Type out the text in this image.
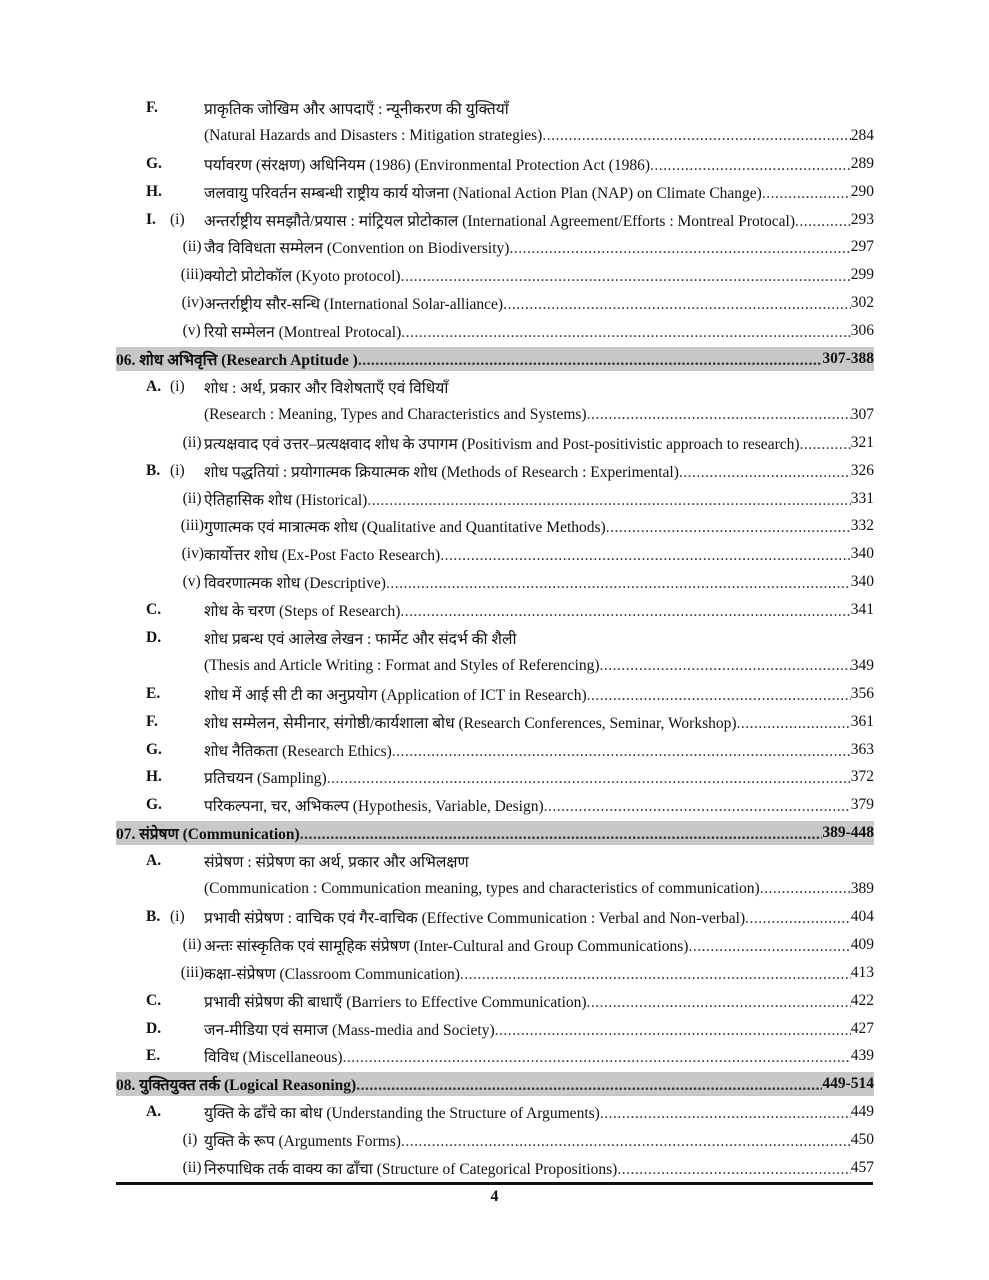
F.	प्राकृतिक जोखिम और आपदाएँ : न्यूनीकरण की युक्तियाँ
(Natural Hazards and Disasters : Mitigation strategies) .....	284
G.	पर्यावरण (संरक्षण) अधिनियम (1986) (Environmental Protection Act (1986) .....	289
H.	जलवायु परिवर्तन सम्बन्धी राष्ट्रीय कार्य योजना (National Action Plan (NAP) on Climate Change) .....	290
I. (i)	अन्तर्राष्ट्रीय समझौते/प्रयास : मांट्रियल प्रोटोकाल (International Agreement/Efforts : Montreal Protocal) .....	293
(ii) जैव विविधता सम्मेलन (Convention on Biodiversity) .....	297
(iii) क्योटो प्रोटोकॉल (Kyoto protocol) .....	299
(iv) अन्तर्राष्ट्रीय सौर-सन्धि (International Solar-alliance) .....	302
(v) रियो सम्मेलन (Montreal Protocal) .....	306
06. शोध अभिवृत्ति (Research Aptitude ) .....	307-388
A. (i)	शोध : अर्थ, प्रकार और विशेषताएँ एवं विधियाँ
(Research : Meaning, Types and Characteristics and Systems) .....	307
(ii) प्रत्यक्षवाद एवं उत्तर–प्रत्यक्षवाद शोध के उपागम (Positivism and Post-positivistic approach to research) .....	321
B. (i)	शोध पद्धतियां : प्रयोगात्मक क्रियात्मक शोध (Methods of Research : Experimental) .....	326
(ii) ऐतिहासिक शोध (Historical) .....	331
(iii) गुणात्मक एवं मात्रात्मक शोध (Qualitative and Quantitative Methods) .....	332
(iv) कार्योत्तर शोध (Ex-Post Facto Research) .....	340
(v) विवरणात्मक शोध (Descriptive) .....	340
C.	शोध के चरण (Steps of Research) .....	341
D.	शोध प्रबन्ध एवं आलेख लेखन : फार्मेट और संदर्भ की शैली
(Thesis and Article Writing : Format and Styles of Referencing) .....	349
E.	शोध में आई सी टी का अनुप्रयोग (Application of ICT in Research) .....	356
F.	शोध सम्मेलन, सेमीनार, संगोष्ठी/कार्यशाला बोध (Research Conferences, Seminar, Workshop) .....	361
G.	शोध नैतिकता (Research Ethics) .....	363
H.	प्रतिचयन (Sampling) .....	372
G.	परिकल्पना, चर, अभिकल्प (Hypothesis, Variable, Design) .....	379
07. संप्रेषण (Communication) .....	389-448
A.	संप्रेषण : संप्रेषण का अर्थ, प्रकार और अभिलक्षण
(Communication : Communication meaning, types and characteristics of communication) .....	389
B. (i)	प्रभावी संप्रेषण : वाचिक एवं गैर-वाचिक (Effective Communication : Verbal and Non-verbal) .....	404
(ii) अन्तः सांस्कृतिक एवं सामूहिक संप्रेषण (Inter-Cultural and Group Communications) .....	409
(iii) कक्षा-संप्रेषण (Classroom Communication) .....	413
C.	प्रभावी संप्रेषण की बाधाएँ (Barriers to Effective Communication) .....	422
D.	जन-मीडिया एवं समाज (Mass-media and Society) .....	427
E.	विविध (Miscellaneous) .....	439
08. युक्तियुक्त तर्क (Logical Reasoning) .....	449-514
A.	युक्ति के ढॉंचे का बोध (Understanding the Structure of Arguments) .....	449
(i) युक्ति के रूप (Arguments Forms) .....	450
(ii) निरुपाधिक तर्क वाक्य का ढाँचा (Structure of Categorical Propositions) .....	457
4
